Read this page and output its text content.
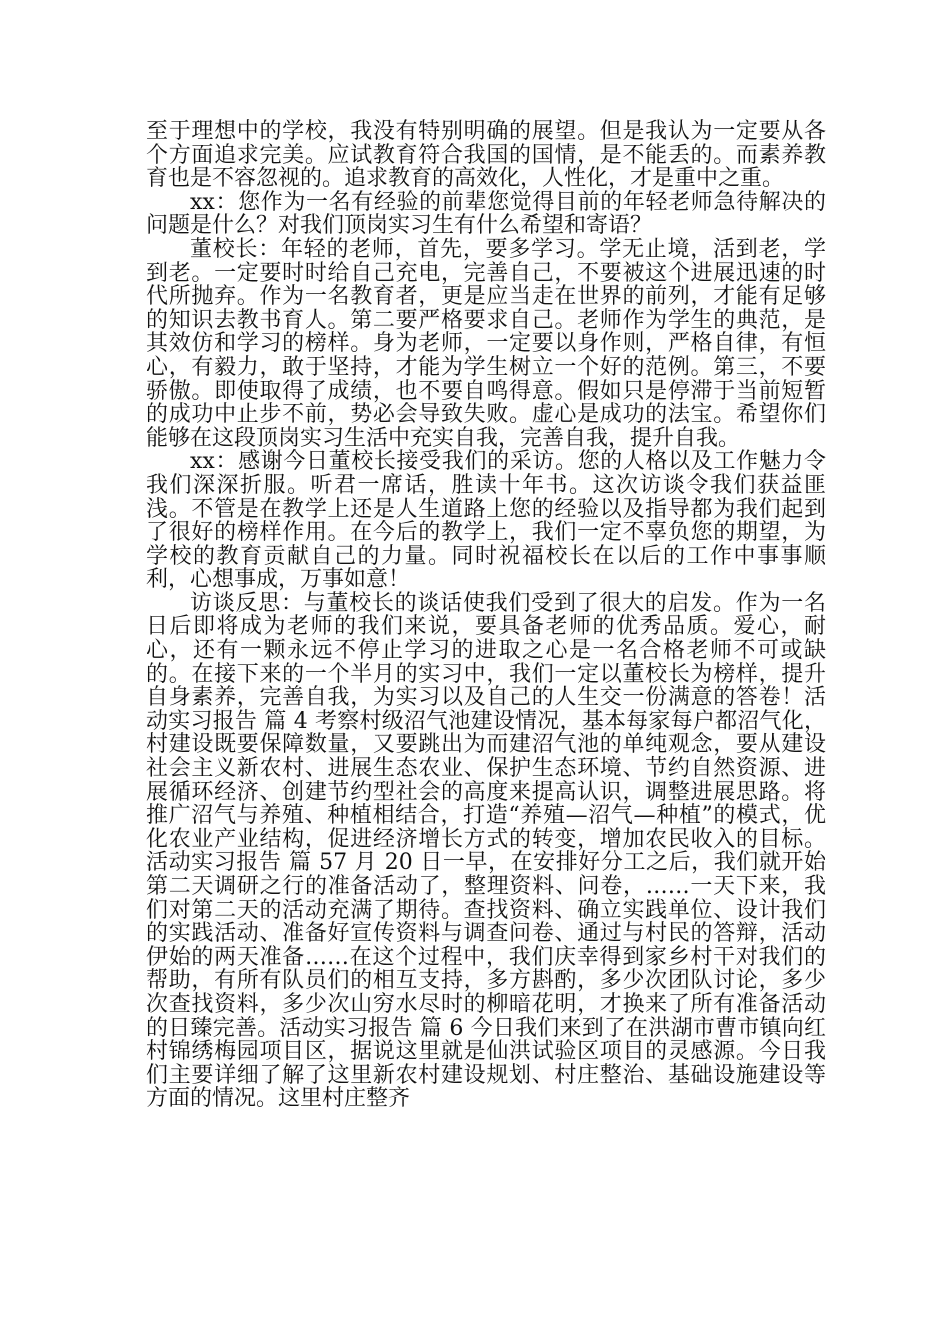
至于理想中的学校，我没有特别明确的展望。但是我认为一定要从各个方面追求完美。应试教育符合我国的国情，是不能丢的。而素养教育也是不容忽视的。追求教育的高效化，人性化，才是重中之重。

xx：您作为一名有经验的前辈您觉得目前的年轻老师急待解决的问题是什么？对我们顶岗实习生有什么希望和寄语？

董校长：年轻的老师，首先，要多学习。学无止境，活到老，学到老。一定要时时给自己充电，完善自己，不要被这个进展迅速的时代所抛弃。作为一名教育者，更是应当走在世界的前列，才能有足够的知识去教书育人。第二要严格要求自己。老师作为学生的典范，是其效仿和学习的榜样。身为老师，一定要以身作则，严格自律，有恒心，有毅力，敢于坚持，才能为学生树立一个好的范例。第三，不要骄傲。即使取得了成绩，也不要自鸣得意。假如只是停滞于当前短暂的成功中止步不前，势必会导致失败。虚心是成功的法宝。希望你们能够在这段顶岗实习生活中充实自我，完善自我，提升自我。

xx：感谢今日董校长接受我们的采访。您的人格以及工作魅力令我们深深折服。听君一席话，胜读十年书。这次访谈令我们获益匪浅。不管是在教学上还是人生道路上您的经验以及指导都为我们起到了很好的榜样作用。在今后的教学上，我们一定不辜负您的期望，为学校的教育贡献自己的力量。同时祝福校长在以后的工作中事事顺利，心想事成，万事如意！

访谈反思：与董校长的谈话使我们受到了很大的启发。作为一名日后即将成为老师的我们来说，要具备老师的优秀品质。爱心，耐心，还有一颗永远不停止学习的进取之心是一名合格老师不可或缺的。在接下来的一个半月的实习中，我们一定以董校长为榜样，提升自身素养，完善自我，为实习以及自己的人生交一份满意的答卷！活动实习报告 篇 4 考察村级沼气池建设情况，基本每家每户都沼气化，村建设既要保障数量，又要跳出为而建沼气池的单纯观念，要从建设社会主义新农村、进展生态农业、保护生态环境、节约自然资源、进展循环经济、创建节约型社会的高度来提高认识，调整进展思路。将推广沼气与养殖、种植相结合，打造“养殖—沼气—种植”的模式，优化农业产业结构，促进经济增长方式的转变，增加农民收入的目标。活动实习报告 篇 57 月 20 日一早，在安排好分工之后，我们就开始第二天调研之行的准备活动了，整理资料、问卷，……一天下来，我们对第二天的活动充满了期待。查找资料、确立实践单位、设计我们的实践活动、准备好宣传资料与调查问卷、通过与村民的答辩，活动伊始的两天准备……在这个过程中，我们庆幸得到家乡村干对我们的帮助，有所有队员们的相互支持，多方斟酌，多少次团队讨论，多少次查找资料，多少次山穷水尽时的柳暗花明，才换来了所有准备活动的日臻完善。活动实习报告 篇 6 今日我们来到了在洪湖市曹市镇向红村锦绣梅园项目区，据说这里就是仙洪试验区项目的灵感源。今日我们主要详细了解了这里新农村建设规划、村庄整治、基础设施建设等方面的情况。这里村庄整齐
